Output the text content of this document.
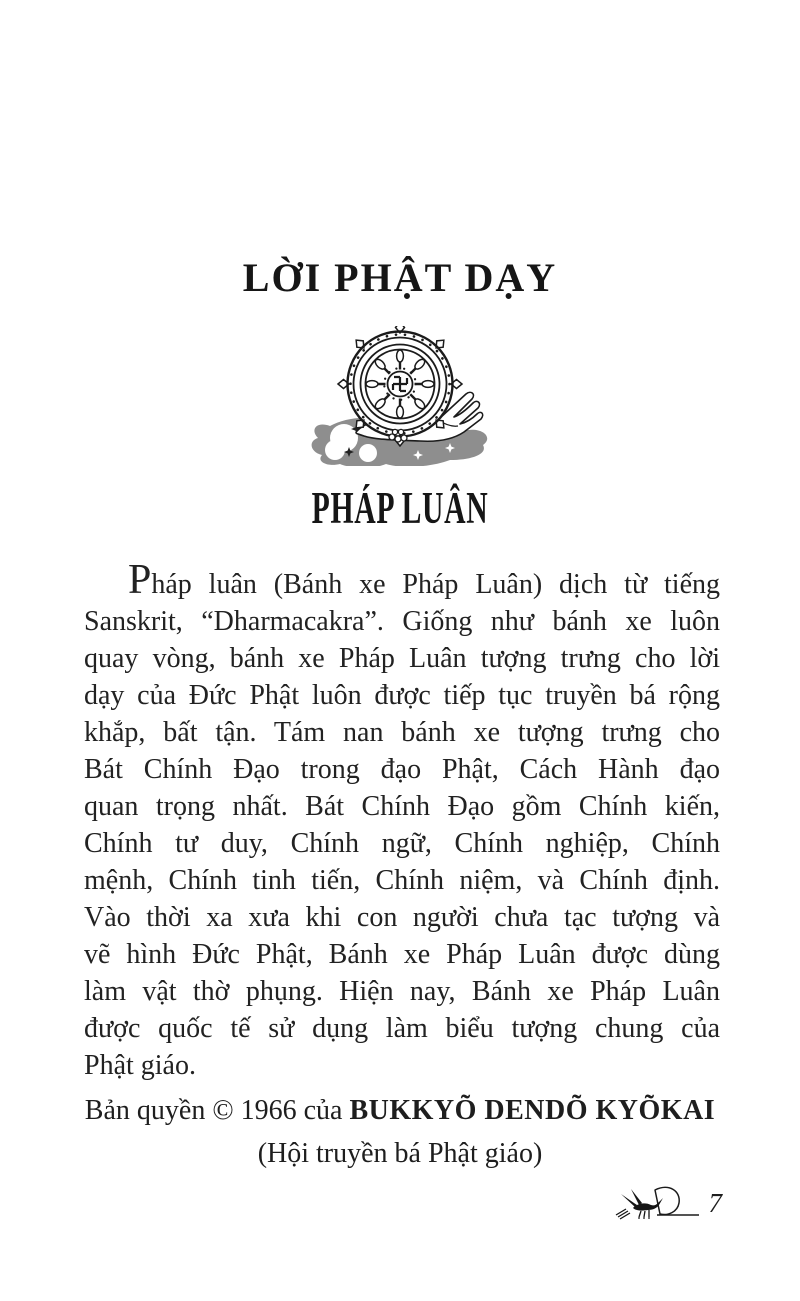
LỜI PHẬT DẠY
PHÁP LUÂN
Pháp luân (Bánh xe Pháp Luân) dịch từ tiếng
Sanskrit, “Dharmacakra”. Giống như bánh xe luôn
quay vòng, bánh xe Pháp Luân tượng trưng cho lời
dạy của Đức Phật luôn được tiếp tục truyền bá rộng
khắp, bất tận. Tám nan bánh xe tượng trưng cho
Bát Chính Đạo trong đạo Phật, Cách Hành đạo
quan trọng nhất. Bát Chính Đạo gồm Chính kiến,
Chính tư duy, Chính ngữ, Chính nghiệp, Chính
mệnh, Chính tinh tiến, Chính niệm, và Chính định.
Vào thời xa xưa khi con người chưa tạc tượng và
vẽ hình Đức Phật, Bánh xe Pháp Luân được dùng
làm vật thờ phụng. Hiện nay, Bánh xe Pháp Luân
được quốc tế sử dụng làm biểu tượng chung của
Phật giáo.

Bản quyền © 1966 của BUKKYÕ DENDÕ KYÕKAI

(Hội truyền bá Phật giáo)

7
